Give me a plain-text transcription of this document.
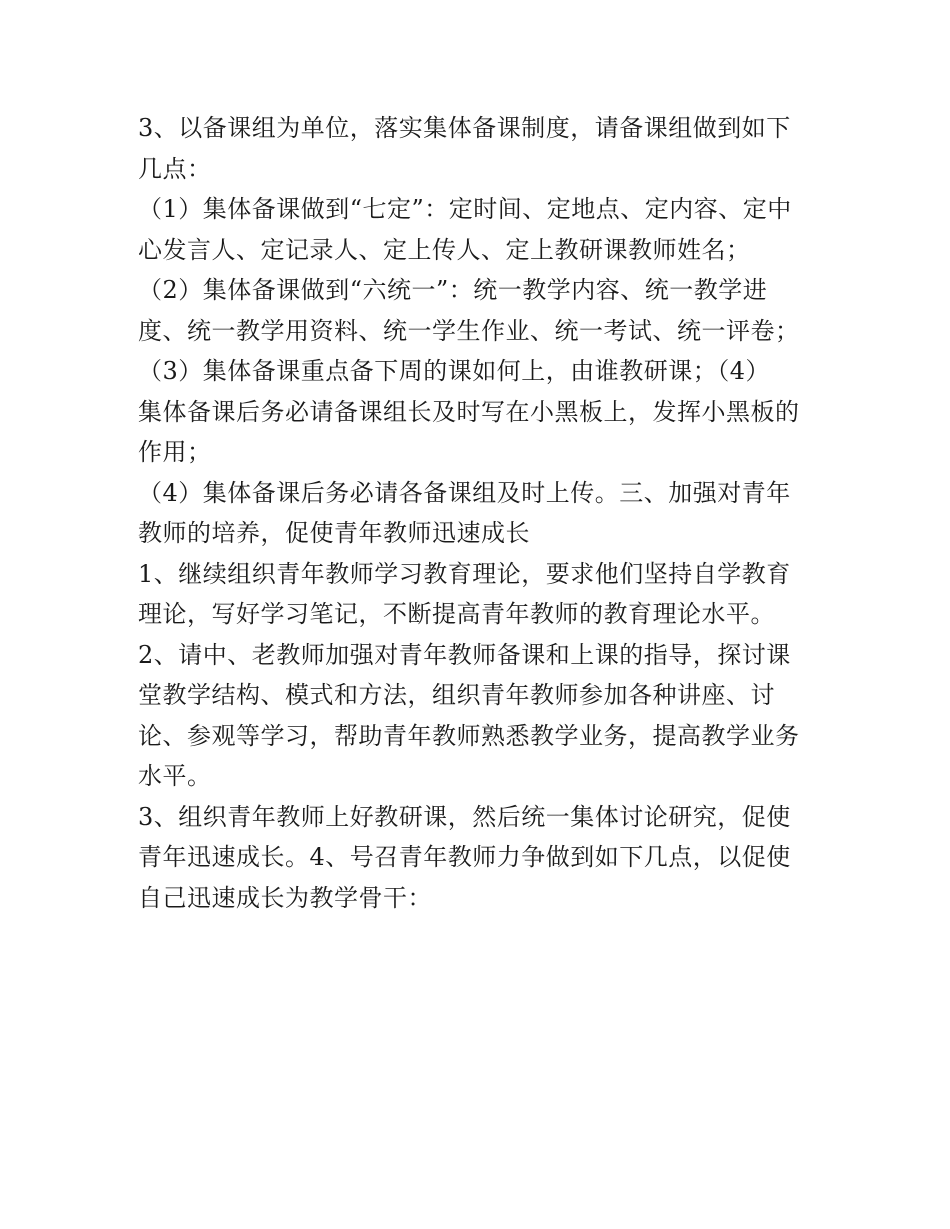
3、以备课组为单位，落实集体备课制度，请备课组做到如下
几点：
（1）集体备课做到“七定”：定时间、定地点、定内容、定中
心发言人、定记录人、定上传人、定上教研课教师姓名；
（2）集体备课做到“六统一”：统一教学内容、统一教学进
度、统一教学用资料、统一学生作业、统一考试、统一评卷；
（3）集体备课重点备下周的课如何上，由谁教研课；（4）
集体备课后务必请备课组长及时写在小黑板上，发挥小黑板的
作用；
（4）集体备课后务必请各备课组及时上传。三、加强对青年
教师的培养，促使青年教师迅速成长
1、继续组织青年教师学习教育理论，要求他们坚持自学教育
理论，写好学习笔记，不断提高青年教师的教育理论水平。
2、请中、老教师加强对青年教师备课和上课的指导，探讨课
堂教学结构、模式和方法，组织青年教师参加各种讲座、讨
论、参观等学习，帮助青年教师熟悉教学业务，提高教学业务
水平。
3、组织青年教师上好教研课，然后统一集体讨论研究，促使
青年迅速成长。4、号召青年教师力争做到如下几点，以促使
自己迅速成长为教学骨干：
